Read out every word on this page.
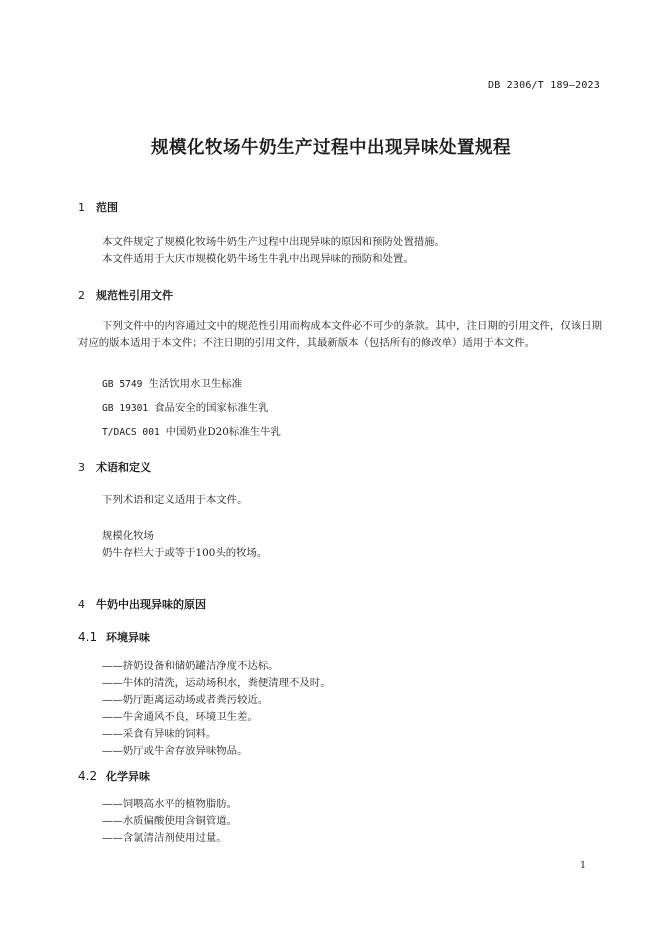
DB 2306/T 189—2023
规模化牧场牛奶生产过程中出现异味处置规程
1 范围
本文件规定了规模化牧场牛奶生产过程中出现异味的原因和预防处置措施。
本文件适用于大庆市规模化奶牛场生牛乳中出现异味的预防和处置。
2 规范性引用文件
下列文件中的内容通过文中的规范性引用而构成本文件必不可少的条款。其中，注日期的引用文件，仅该日期对应的版本适用于本文件；不注日期的引用文件，其最新版本（包括所有的修改单）适用于本文件。
GB 5749 生活饮用水卫生标准
GB 19301 食品安全的国家标准生乳
T/DACS 001 中国奶业D20标准生牛乳
3 术语和定义
下列术语和定义适用于本文件。
规模化牧场
奶牛存栏大于或等于100头的牧场。
4 牛奶中出现异味的原因
4.1 环境异味
——挤奶设备和储奶罐洁净度不达标。
——牛体的清洗，运动场积水，粪便清理不及时。
——奶厅距离运动场或者粪污较近。
——牛舍通风不良，环境卫生差。
——采食有异味的饲料。
——奶厅或牛舍存放异味物品。
4.2 化学异味
——饲喂高水平的植物脂肪。
——水质偏酸使用含铜管道。
——含氯清洁剂使用过量。
1
